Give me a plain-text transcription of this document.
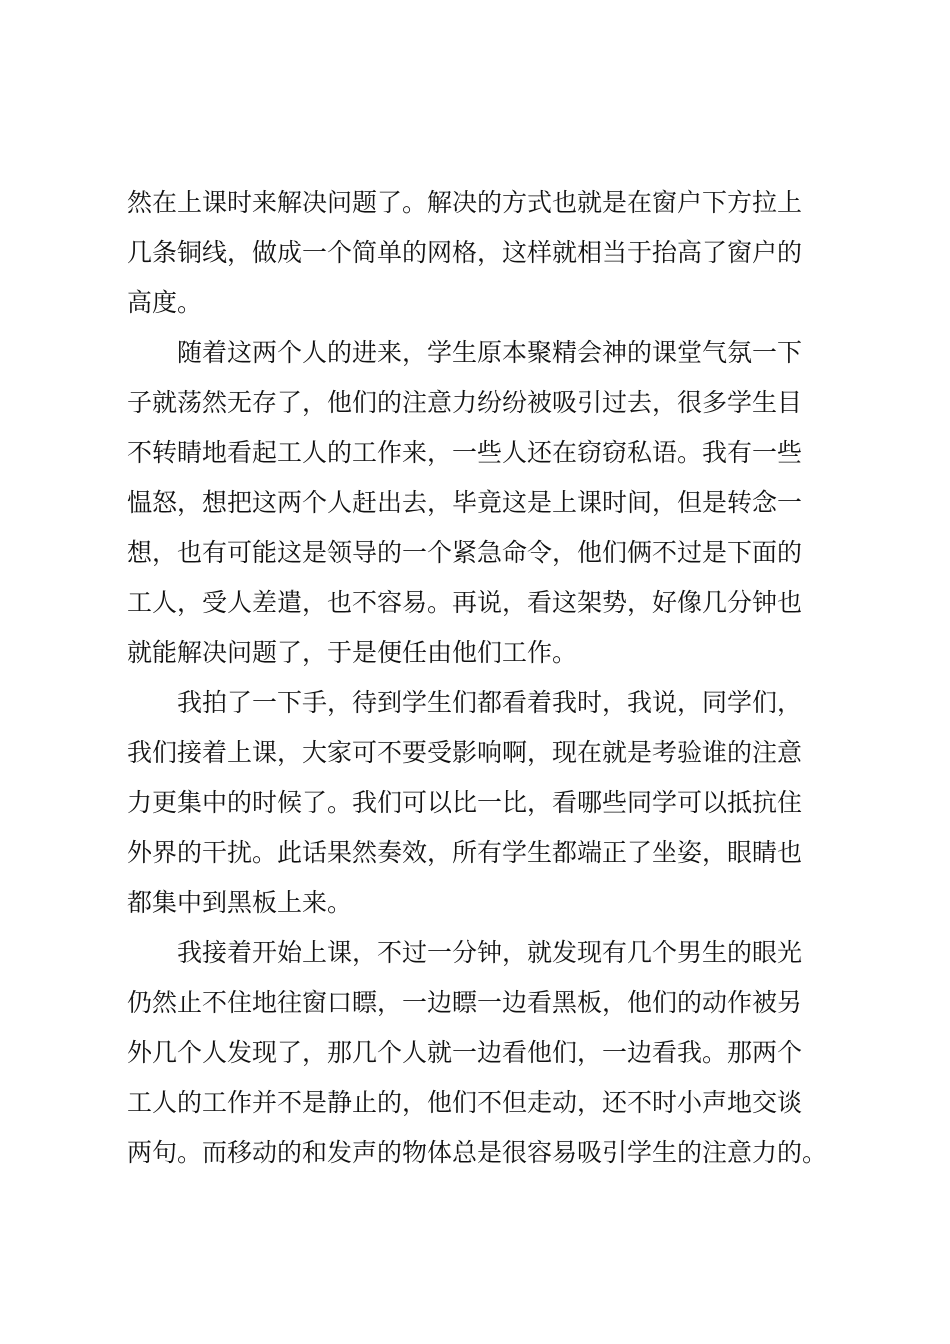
然在上课时来解决问题了。解决的方式也就是在窗户下方拉上
几条铜线，做成一个简单的网格，这样就相当于抬高了窗户的
高度。
随着这两个人的进来，学生原本聚精会神的课堂气氛一下
子就荡然无存了，他们的注意力纷纷被吸引过去，很多学生目
不转睛地看起工人的工作来，一些人还在窃窃私语。我有一些
愠怒，想把这两个人赶出去，毕竟这是上课时间，但是转念一
想，也有可能这是领导的一个紧急命令，他们俩不过是下面的
工人，受人差遣，也不容易。再说，看这架势，好像几分钟也
就能解决问题了，于是便任由他们工作。
我拍了一下手，待到学生们都看着我时，我说，同学们，
我们接着上课，大家可不要受影响啊，现在就是考验谁的注意
力更集中的时候了。我们可以比一比，看哪些同学可以抵抗住
外界的干扰。此话果然奏效，所有学生都端正了坐姿，眼睛也
都集中到黑板上来。
我接着开始上课，不过一分钟，就发现有几个男生的眼光
仍然止不住地往窗口瞟，一边瞟一边看黑板，他们的动作被另
外几个人发现了，那几个人就一边看他们，一边看我。那两个
工人的工作并不是静止的，他们不但走动，还不时小声地交谈
两句。而移动的和发声的物体总是很容易吸引学生的注意力的。
